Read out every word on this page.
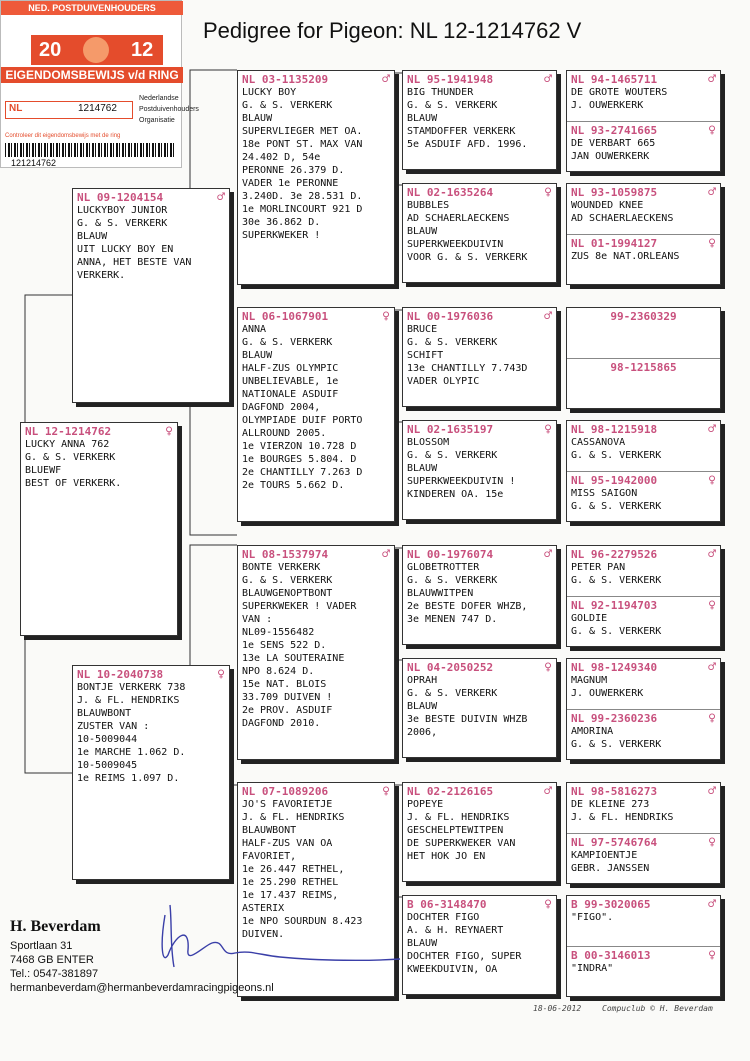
NED. POSTDUIVENHOUDERS ORGANISATIE
20	12
EIGENDOMSBEWIJS v/d RING
Nederlandse
Postduivenhouders
Organisatie
NL	1214762
Controleer dit eigendomsbewijs met de ring
121214762
Pedigree for Pigeon: NL 12-1214762 V
NL 12-1214762	♀
LUCKY ANNA 762
G. & S. VERKERK
BLUEWF
BEST OF VERKERK.
NL 09-1204154	♂
LUCKYBOY JUNIOR
G. & S. VERKERK
BLAUW
UIT LUCKY BOY EN
ANNA, HET BESTE VAN
VERKERK.
NL 10-2040738	♀
BONTJE VERKERK 738
J. & FL. HENDRIKS
BLAUWBONT
ZUSTER VAN :
10-5009044
1e MARCHE 1.062 D.
10-5009045
1e REIMS 1.097 D.
NL 03-1135209	♂
LUCKY BOY
G. & S. VERKERK
BLAUW
SUPERVLIEGER MET OA.
18e PONT ST. MAX VAN
24.402 D, 54e
PERONNE 26.379 D.
VADER 1e PERONNE
3.240D. 3e 28.531 D.
1e MORLINCOURT 921 D
30e 36.862 D.
SUPERKWEKER !
NL 06-1067901	♀
ANNA
G. & S. VERKERK
BLAUW
HALF-ZUS OLYMPIC
UNBELIEVABLE, 1e
NATIONALE ASDUIF
DAGFOND 2004,
OLYMPIADE DUIF PORTO
ALLROUND 2005.
1e VIERZON 10.728 D
1e BOURGES 5.804. D
2e CHANTILLY 7.263 D
2e TOURS 5.662 D.
NL 08-1537974	♂
BONTE VERKERK
G. & S. VERKERK
BLAUWGENOPTBONT
SUPERKWEKER ! VADER
VAN :
NL09-1556482
1e SENS 522 D.
13e LA SOUTERAINE
NPO 8.624 D.
15e NAT. BLOIS
33.709 DUIVEN !
2e PROV. ASDUIF
DAGFOND 2010.
NL 07-1089206	♀
JO'S FAVORIETJE
J. & FL. HENDRIKS
BLAUWBONT
HALF-ZUS VAN OA
FAVORIET,
1e 26.447 RETHEL,
1e 25.290 RETHEL
1e 17.437 REIMS,
ASTERIX
1e NPO SOURDUN 8.423
DUIVEN.
NL 95-1941948	♂
BIG THUNDER
G. & S. VERKERK
BLAUW
STAMDOFFER VERKERK
5e ASDUIF AFD. 1996.
NL 02-1635264	♀
BUBBLES
AD SCHAERLAECKENS
BLAUW
SUPERKWEEKDUIVIN
VOOR G. & S. VERKERK
NL 00-1976036	♂
BRUCE
G. & S. VERKERK
SCHIFT
13e CHANTILLY 7.743D
VADER OLYPIC
NL 02-1635197	♀
BLOSSOM
G. & S. VERKERK
BLAUW
SUPERKWEEKDUIVIN !
KINDEREN OA. 15e
NL 00-1976074	♂
GLOBETROTTER
G. & S. VERKERK
BLAUWWITPEN
2e BESTE DOFER WHZB,
3e MENEN 747 D.
NL 04-2050252	♀
OPRAH
G. & S. VERKERK
BLAUW
3e BESTE DUIVIN WHZB
2006,
NL 02-2126165	♂
POPEYE
J. & FL. HENDRIKS
GESCHELPTEWITPEN
DE SUPERKWEKER VAN
HET HOK JO EN
B 06-3148470	♀
DOCHTER FIGO
A. & H. REYNAERT
BLAUW
DOCHTER FIGO, SUPER
KWEEKDUIVIN, OA
NL 94-1465711	♂
DE GROTE WOUTERS
J. OUWERKERK
NL 93-2741665	♀
DE VERBART 665
JAN OUWERKERK
NL 93-1059875	♂
WOUNDED KNEE
AD SCHAERLAECKENS
NL 01-1994127	♀
ZUS 8e NAT.ORLEANS
99-2360329
98-1215865
NL 98-1215918	♂
CASSANOVA
G. & S. VERKERK
NL 95-1942000	♀
MISS SAIGON
G. & S. VERKERK
NL 96-2279526	♂
PETER PAN
G. & S. VERKERK
NL 92-1194703	♀
GOLDIE
G. & S. VERKERK
NL 98-1249340	♂
MAGNUM
J. OUWERKERK
NL 99-2360236	♀
AMORINA
G. & S. VERKERK
NL 98-5816273	♂
DE KLEINE 273
J. & FL. HENDRIKS
NL 97-5746764	♀
KAMPIOENTJE
GEBR. JANSSEN
B 99-3020065	♂
"FIGO".
B 00-3146013	♀
"INDRA"
H. Beverdam
Sportlaan 31
7468 GB ENTER
Tel.: 0547-381897
hermanbeverdam@hermanbeverdamracingpigeons.nl
18-06-2012	Compuclub © H. Beverdam
